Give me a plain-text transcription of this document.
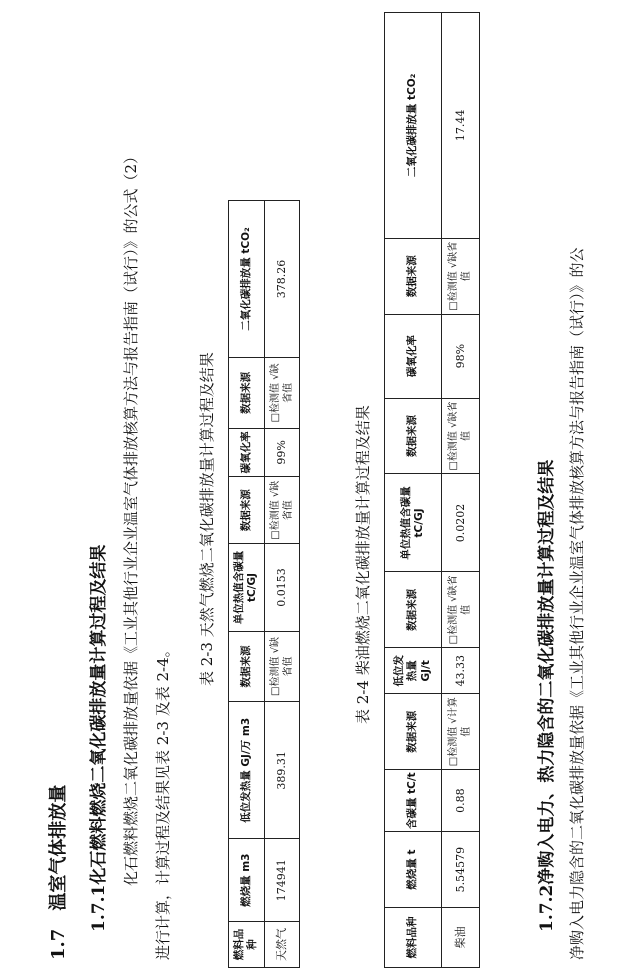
1.7　温室气体排放量 1.7.1化石燃料燃烧二氧化碳排放量计算过程及结果 化石燃料燃烧二氧化碳排放量依据《工业其他行业企业温室气体排放核算方法与报告指南（试行）》的公式（2） 进行计算，计算过程及结果见表 2-3 及表 2-4。
表 2-3 天然气燃烧二氧化碳排放量计算过程及结果
燃料品种	燃烧量 m3	低位发热量 GJ/万 m3	数据来源	单位热值含碳量 tC/GJ	数据来源	碳氧化率	数据来源	二氧化碳排放量 tCO₂
天然气	174941	389.31	□检测值 √缺省值	0.0153	□检测值 √缺省值	99%	□检测值 √缺省值	378.26
表 2-4 柴油燃烧二氧化碳排放量计算过程及结果
燃料品种	燃烧量 t	含碳量 tC/t	数据来源	低位发热量 GJ/t	数据来源	单位热值含碳量 tC/GJ	数据来源	碳氧化率	数据来源	二氧化碳排放量 tCO₂
柴油	5.54579	0.88	□检测值 √计算值	43.33	□检测值 √缺省值	0.0202	□检测值 √缺省值	98%	□检测值 √缺省值	17.44
1.7.2净购入电力、热力隐含的二氧化碳排放量计算过程及结果 净购入电力隐含的二氧化碳排放量依据《工业其他行业企业温室气体排放核算方法与报告指南（试行）》的公
